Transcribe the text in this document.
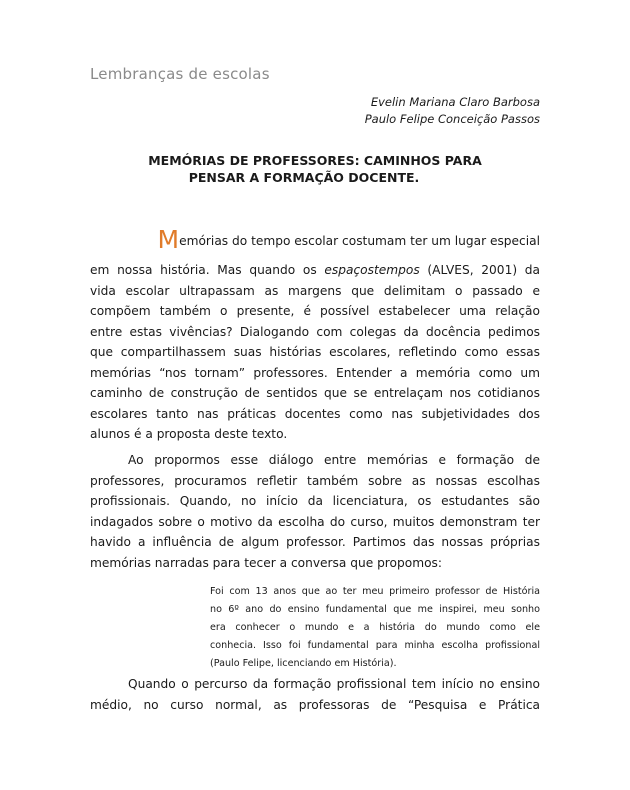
Lembranças de escolas
Evelin Mariana Claro Barbosa
Paulo Felipe Conceição Passos
MEMÓRIAS DE PROFESSORES: CAMINHOS PARA
PENSAR A FORMAÇÃO DOCENTE.
Memórias do tempo escolar costumam ter um lugar especial
em nossa história. Mas quando os espaçostempos (ALVES, 2001) da
vida escolar ultrapassam as margens que delimitam o passado e
compõem também o presente, é possível estabelecer uma relação
entre estas vivências? Dialogando com colegas da docência pedimos
que compartilhassem suas histórias escolares, refletindo como essas
memórias “nos tornam” professores. Entender a memória como um
caminho de construção de sentidos que se entrelaçam nos cotidianos
escolares tanto nas práticas docentes como nas subjetividades dos
alunos é a proposta deste texto.
Ao propormos esse diálogo entre memórias e formação de
professores, procuramos refletir também sobre as nossas escolhas
profissionais. Quando, no início da licenciatura, os estudantes são
indagados sobre o motivo da escolha do curso, muitos demonstram ter
havido a influência de algum professor. Partimos das nossas próprias
memórias narradas para tecer a conversa que propomos:
Foi com 13 anos que ao ter meu primeiro professor de História
no 6º ano do ensino fundamental que me inspirei, meu sonho
era conhecer o mundo e a história do mundo como ele
conhecia. Isso foi fundamental para minha escolha profissional
(Paulo Felipe, licenciando em História).
Quando o percurso da formação profissional tem início no ensino
médio, no curso normal, as professoras de “Pesquisa e Prática
